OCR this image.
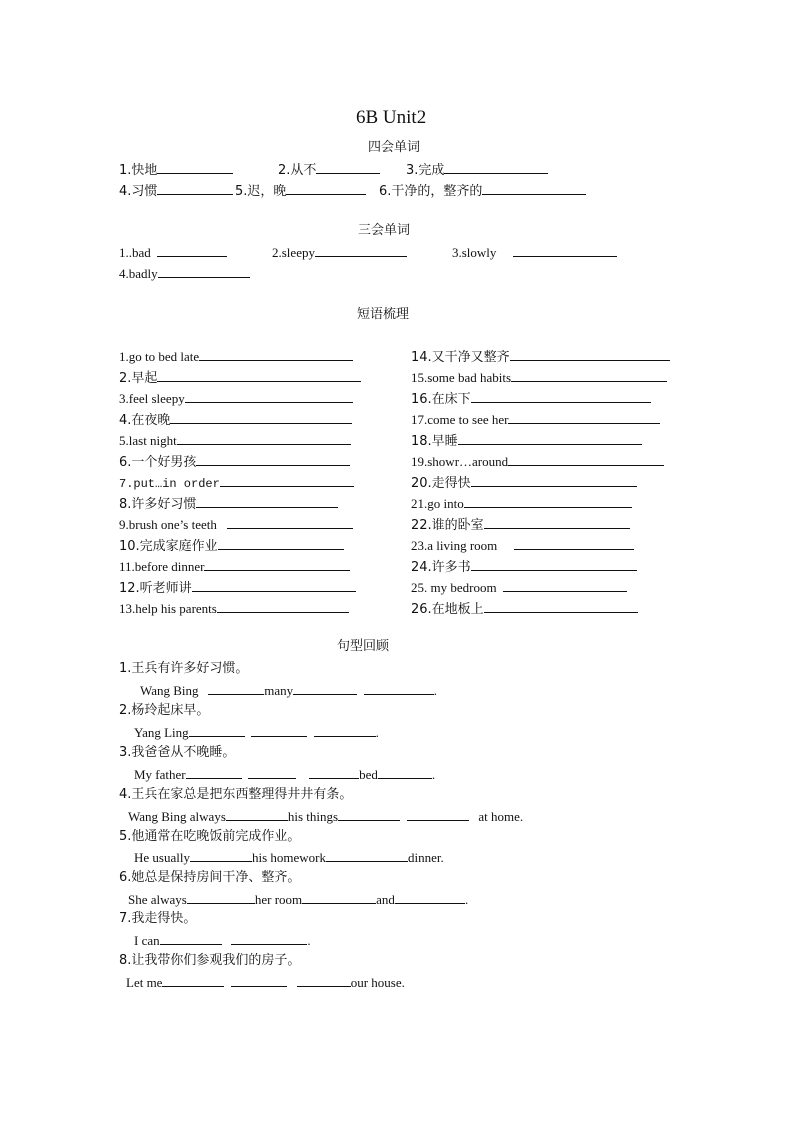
6B Unit2
四会单词
1.快地	2.从不	3.完成
4.习惯	5.迟，晚	6.干净的，整齐的
三会单词
1..bad	2.sleepy	3.slowly
4.badly
短语梳理
1.go to bed late
2.早起
3.feel sleepy
4.在夜晚
5.last night
6.一个好男孩
7.put…in order
8.许多好习惯
9.brush one’s teeth
10.完成家庭作业
11.before dinner
12.听老师讲
13.help his parents
14.又干净又整齐
15.some bad habits
16.在床下
17.come to see her
18.早睡
19.showr…around
20.走得快
21.go into
22.谁的卧室
23.a living room
24.许多书
25. my bedroom
26.在地板上
句型回顾
1.王兵有许多好习惯。
Wang Bing	many	.
2.杨玲起床早。
Yang Ling	.
3.我爸爸从不晚睡。
My father	bed	.
4.王兵在家总是把东西整理得井井有条。
Wang Bing always	his things	at home.
5.他通常在吃晚饭前完成作业。
He usually	his homework	dinner.
6.她总是保持房间干净、整齐。
She always	her room	and	.
7.我走得快。
I can	.
8.让我带你们参观我们的房子。
Let me	our house.
